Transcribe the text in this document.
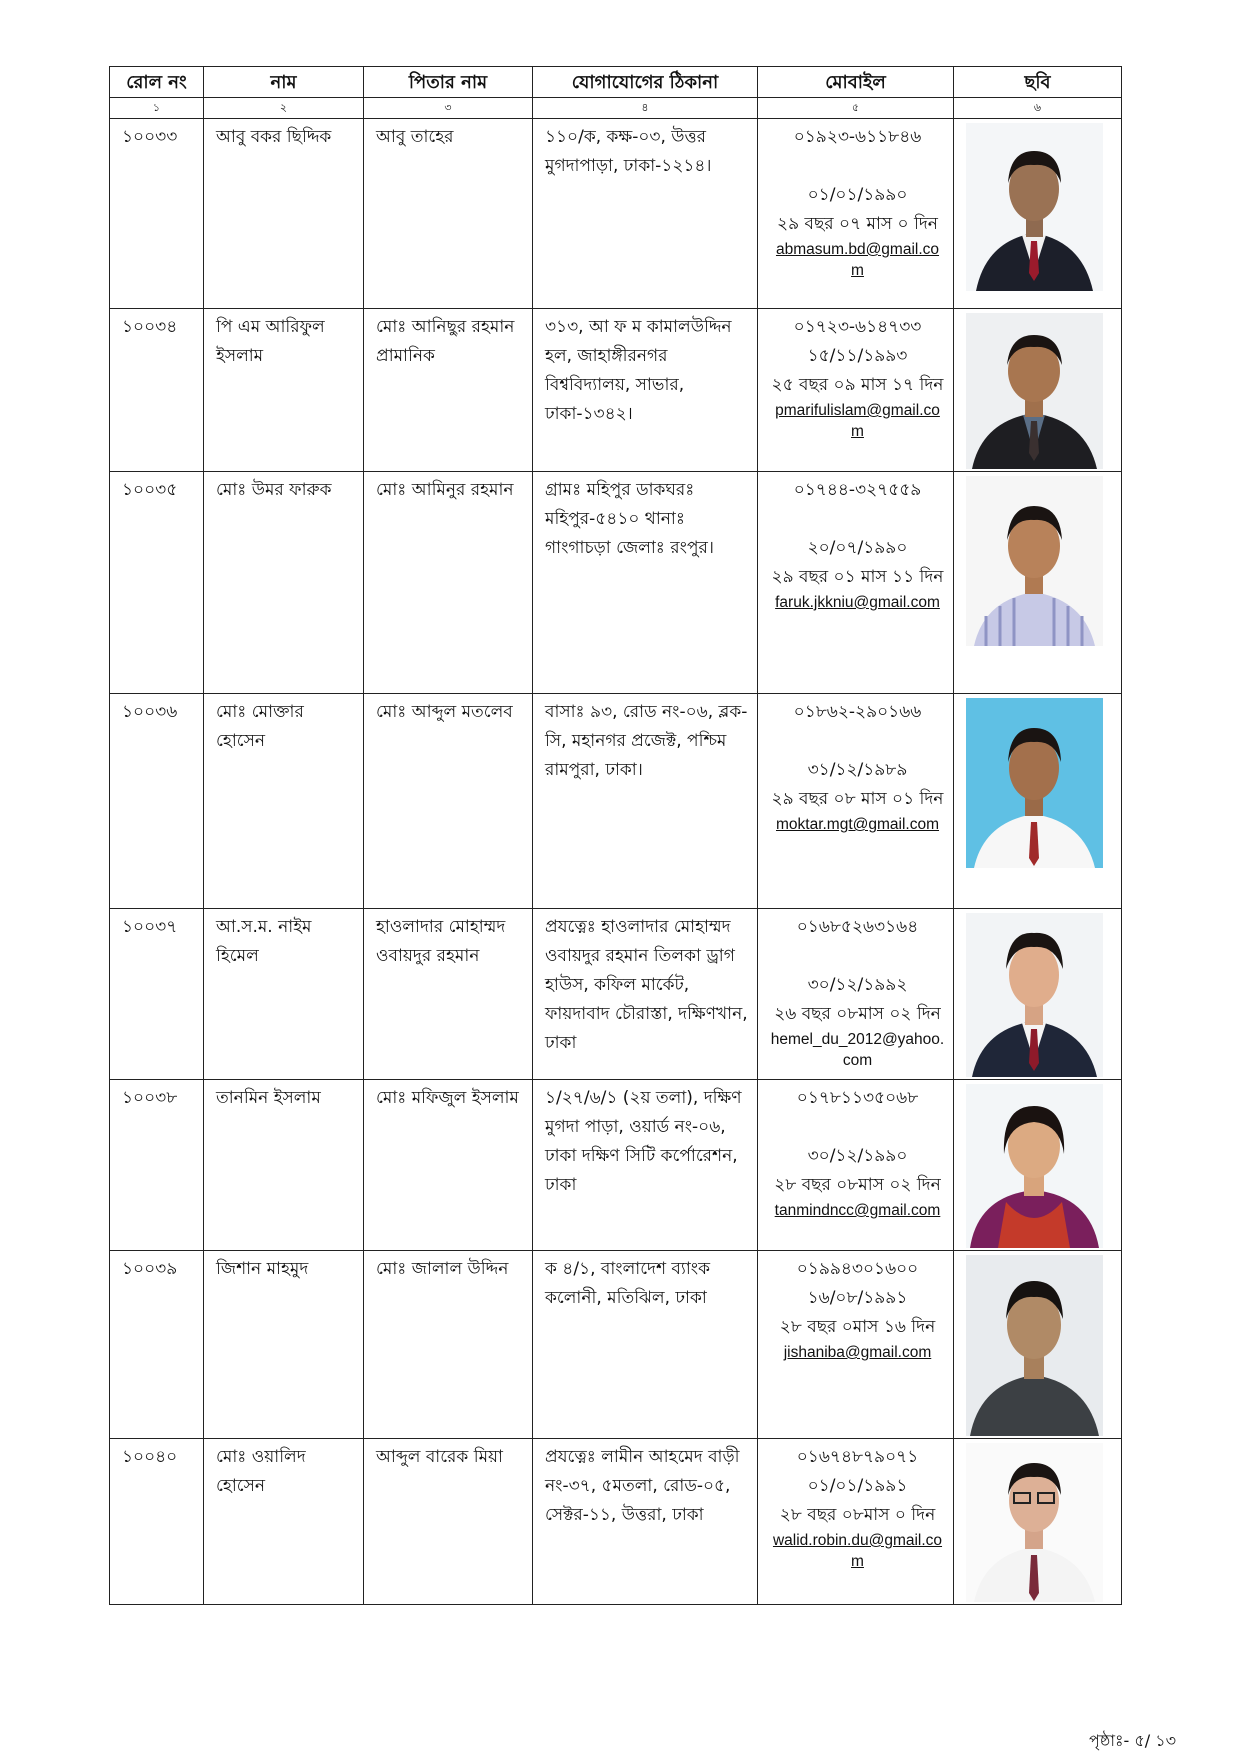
রোল নং	নাম	পিতার নাম	যোগাযোগের ঠিকানা	মোবাইল	ছবি
১	২	৩	৪	৫	৬
১০০৩৩	আবু বকর ছিদ্দিক	আবু তাহের	১১০/ক, কক্ষ-০৩, উত্তর মুগদাপাড়া, ঢাকা-১২১৪।	০১৯২৩-৬১১৮৪৬
০১/০১/১৯৯০
২৯ বছর ০৭ মাস ০ দিন
abmasum.bd@gmail.com

১০০৩৪	পি এম আরিফুল ইসলাম	মোঃ আনিছুর রহমান প্রামানিক	৩১৩, আ ফ ম কামালউদ্দিন হল, জাহাঙ্গীরনগর বিশ্ববিদ্যালয়, সাভার, ঢাকা-১৩৪২।	০১৭২৩-৬১৪৭৩৩
১৫/১১/১৯৯৩
২৫ বছর ০৯ মাস ১৭ দিন
pmarifulislam@gmail.com

১০০৩৫	মোঃ উমর ফারুক	মোঃ আমিনুর রহমান	গ্রামঃ মহিপুর ডাকঘরঃ মহিপুর-৫৪১০ থানাঃ গাংগাচড়া জেলাঃ রংপুর।	০১৭৪৪-৩২৭৫৫৯
২০/০৭/১৯৯০
২৯ বছর ০১ মাস ১১ দিন
faruk.jkkniu@gmail.com

১০০৩৬	মোঃ মোক্তার হোসেন	মোঃ আব্দুল মতলেব	বাসাঃ ৯৩, রোড নং-০৬, ব্লক-সি, মহানগর প্রজেক্ট, পশ্চিম রামপুরা, ঢাকা।	০১৮৬২-২৯০১৬৬
৩১/১২/১৯৮৯
২৯ বছর ০৮ মাস ০১ দিন
moktar.mgt@gmail.com

১০০৩৭	আ.স.ম. নাইম হিমেল	হাওলাদার মোহাম্মদ ওবায়দুর রহমান	প্রযত্নেঃ হাওলাদার মোহাম্মদ ওবায়দুর রহমান তিলকা ড্রাগ হাউস, কফিল মার্কেট, ফায়দাবাদ চৌরাস্তা, দক্ষিণখান, ঢাকা	০১৬৮৫২৬৩১৬৪
৩০/১২/১৯৯২
২৬ বছর ০৮মাস ০২ দিন
hemel_du_2012@yahoo.com

১০০৩৮	তানমিন ইসলাম	মোঃ মফিজুল ইসলাম	১/২৭/৬/১ (২য় তলা), দক্ষিণ মুগদা পাড়া, ওয়ার্ড নং-০৬, ঢাকা দক্ষিণ সিটি কর্পোরেশন, ঢাকা	০১৭৮১১৩৫০৬৮
৩০/১২/১৯৯০
২৮ বছর ০৮মাস ০২ দিন
tanmindncc@gmail.com

১০০৩৯	জিশান মাহমুদ	মোঃ জালাল উদ্দিন	ক ৪/১, বাংলাদেশ ব্যাংক কলোনী, মতিঝিল, ঢাকা	০১৯৯৪৩০১৬০০
১৬/০৮/১৯৯১
২৮ বছর ০মাস ১৬ দিন
jishaniba@gmail.com

১০০৪০	মোঃ ওয়ালিদ হোসেন	আব্দুল বারেক মিয়া	প্রযত্নেঃ লামীন আহমেদ বাড়ী নং-৩৭, ৫মতলা, রোড-০৫, সেক্টর-১১, উত্তরা, ঢাকা	০১৬৭৪৮৭৯০৭১
০১/০১/১৯৯১
২৮ বছর ০৮মাস ০ দিন
walid.robin.du@gmail.com

পৃষ্ঠাঃ- ৫/ ১৩
